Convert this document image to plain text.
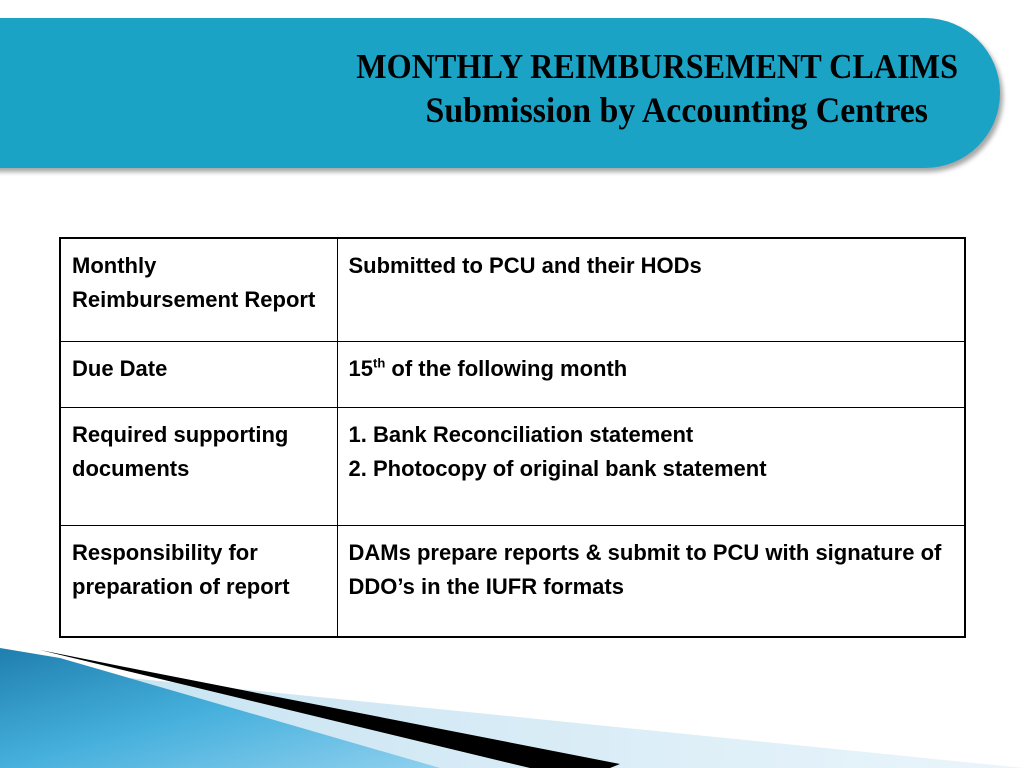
MONTHLY REIMBURSEMENT CLAIMS
Submission by Accounting Centres
Monthly Reimbursement Report	Submitted to PCU and their HODs
Due Date	15th of the following month
Required supporting documents	1. Bank Reconciliation statement
2. Photocopy of original bank statement

Responsibility for preparation of report	DAMs prepare reports & submit to PCU with signature of DDO’s in the IUFR formats
